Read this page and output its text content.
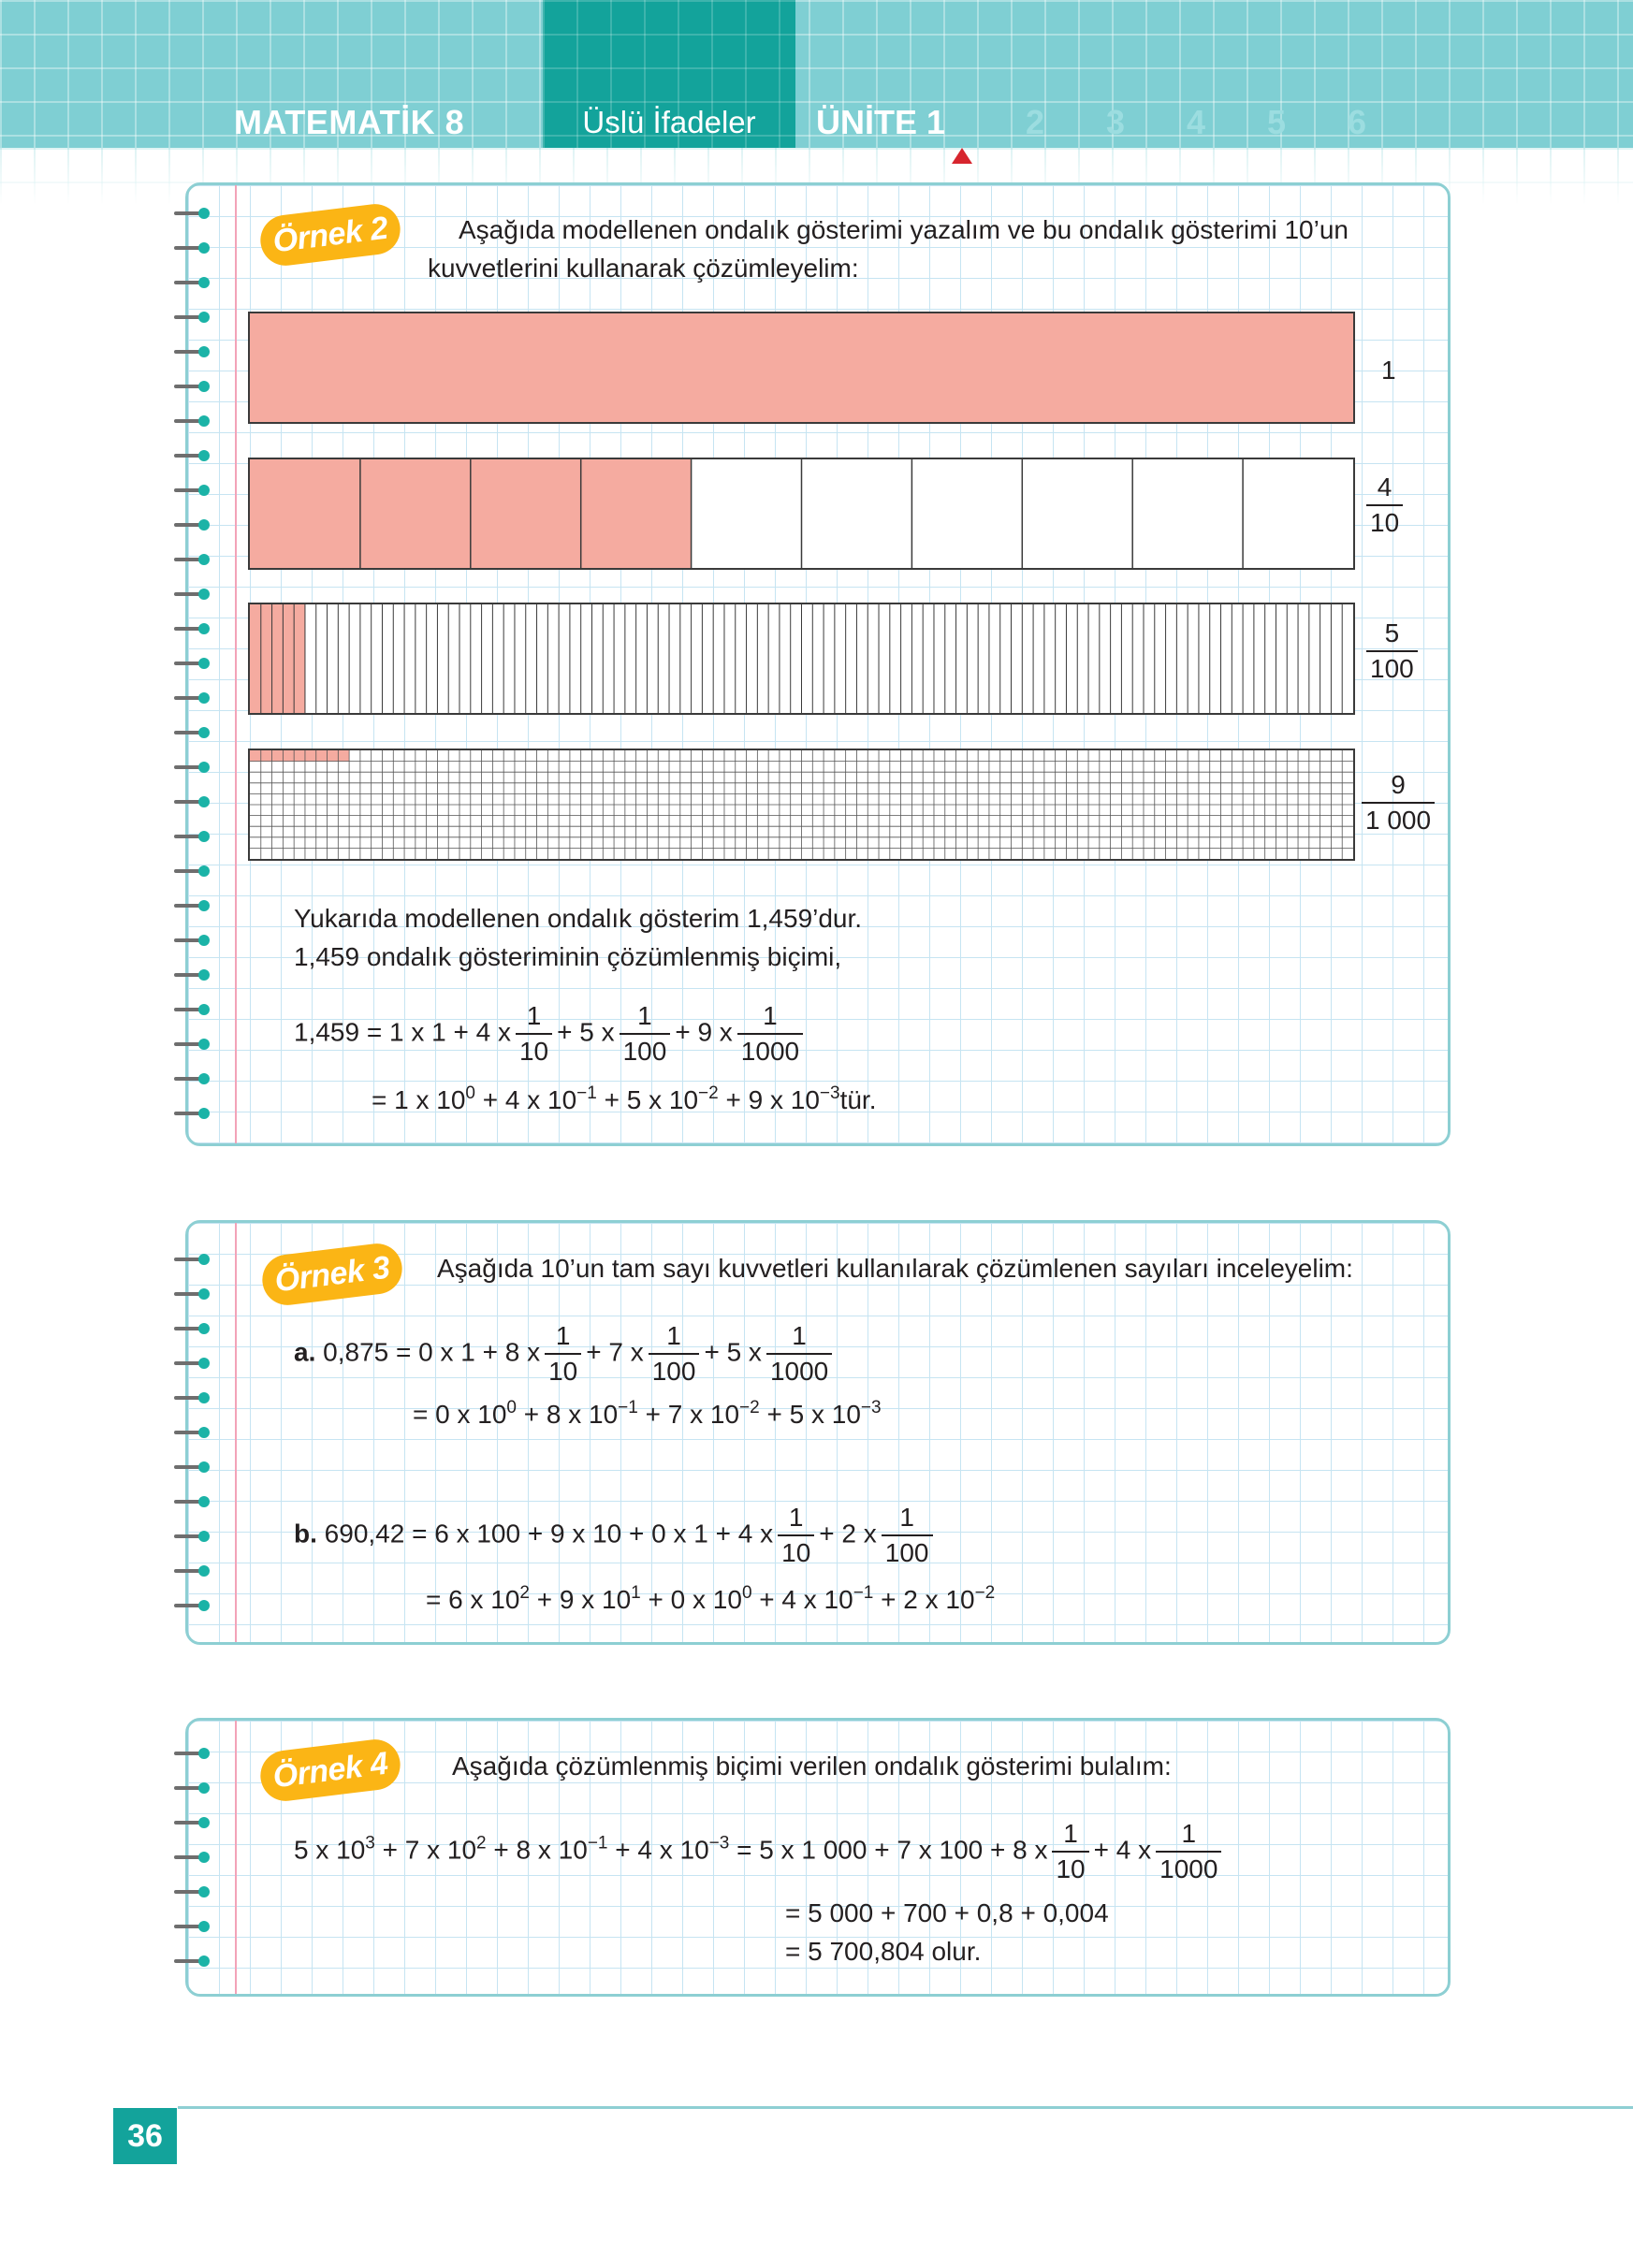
MATEMATİK 8	Üslü İfadeler	ÜNİTE 1 2 3 4 5 6
Örnek 2	Aşağıda modellenen ondalık gösterimi yazalım ve bu ondalık gösterimi 10’un
kuvvetlerini kullanarak çözümleyelim:
1
$\frac{4}{10}$
$\frac{5}{100}$
$\frac{9}{1 000}$
Yukarıda modellenen ondalık gösterim 1,459’dur.
1,459 ondalık gösteriminin çözümlenmiş biçimi,
1,459 = 1 x 1 + 4 x $\frac{1}{10} + 5$ x $\frac{1}{100} + 9$ x $\frac{1}{1000}$
= 1 x $10^0 + 4$ x $10^{-1} + 5$ x $10^{-2} + 9$ x $10^{-3}tür$.
Örnek 3	Aşağıda 10’un tam sayı kuvvetleri kullanılarak çözümlenen sayıları inceleyelim:
a. 0,875 = 0 x 1 + 8 x $\frac{1}{10} + 7$ x $\frac{1}{100} + 5$ x $\frac{1}{1000}$
= 0 x $10^0 + 8$ x $10^{-1} + 7$ x $10^{-2} + 5$ x $10^{-3}$
b. 690,42 = 6 x 100 + 9 x 10 + 0 x 1 + 4 x $\frac{1}{10} + 2$ x $\frac{1}{100}$
= 6 x $10^2 + 9$ x $10^1 + 0$ x $10^0 + 4$ x $10^{-1} + 2$ x $10^{-2}$
Örnek 4	Aşağıda çözümlenmiş biçimi verilen ondalık gösterimi bulalım:
5 x $10^3 + 7$ x $10^2 + 8$ x $10^{-1} + 4$ x $10^{-3} = 5$ x 1 000 + 7 x 100 + 8 x $\frac{1}{10} + 4$ x $\frac{1}{1000}$
= 5 000 + 700 + 0,8 + 0,004
= 5 700,804 olur.
36
